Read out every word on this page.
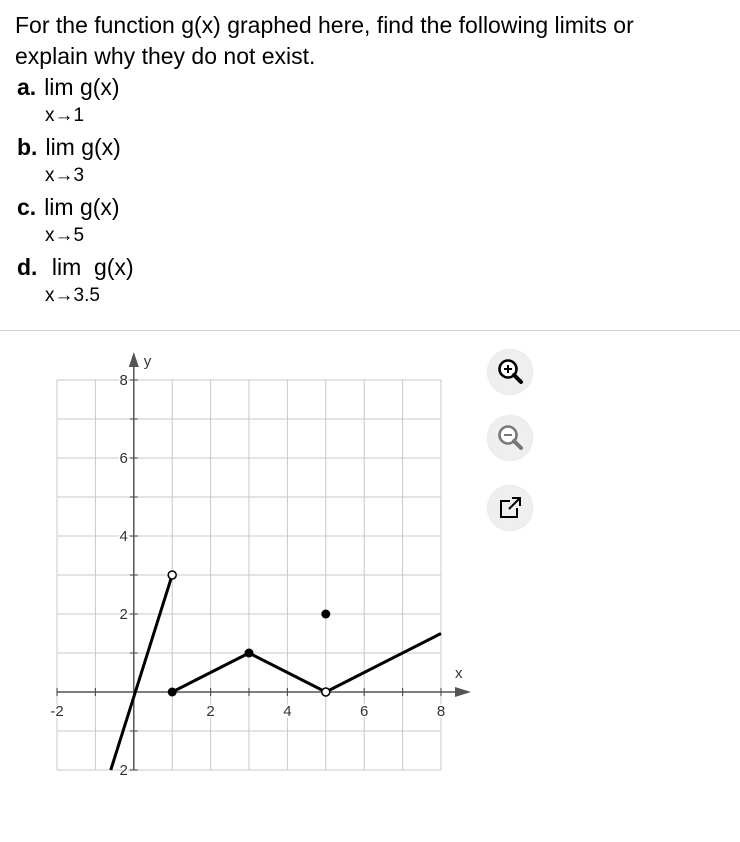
For the function g(x) graphed here, find the following limits or

explain why they do not exist.

a. lim g(x)
x→1
b. lim g(x)
x→3
c. lim g(x)
x→5
d. lim  g(x)
x→3.5
-2	2	4	6	8
8
6
4
2
2
x
y
